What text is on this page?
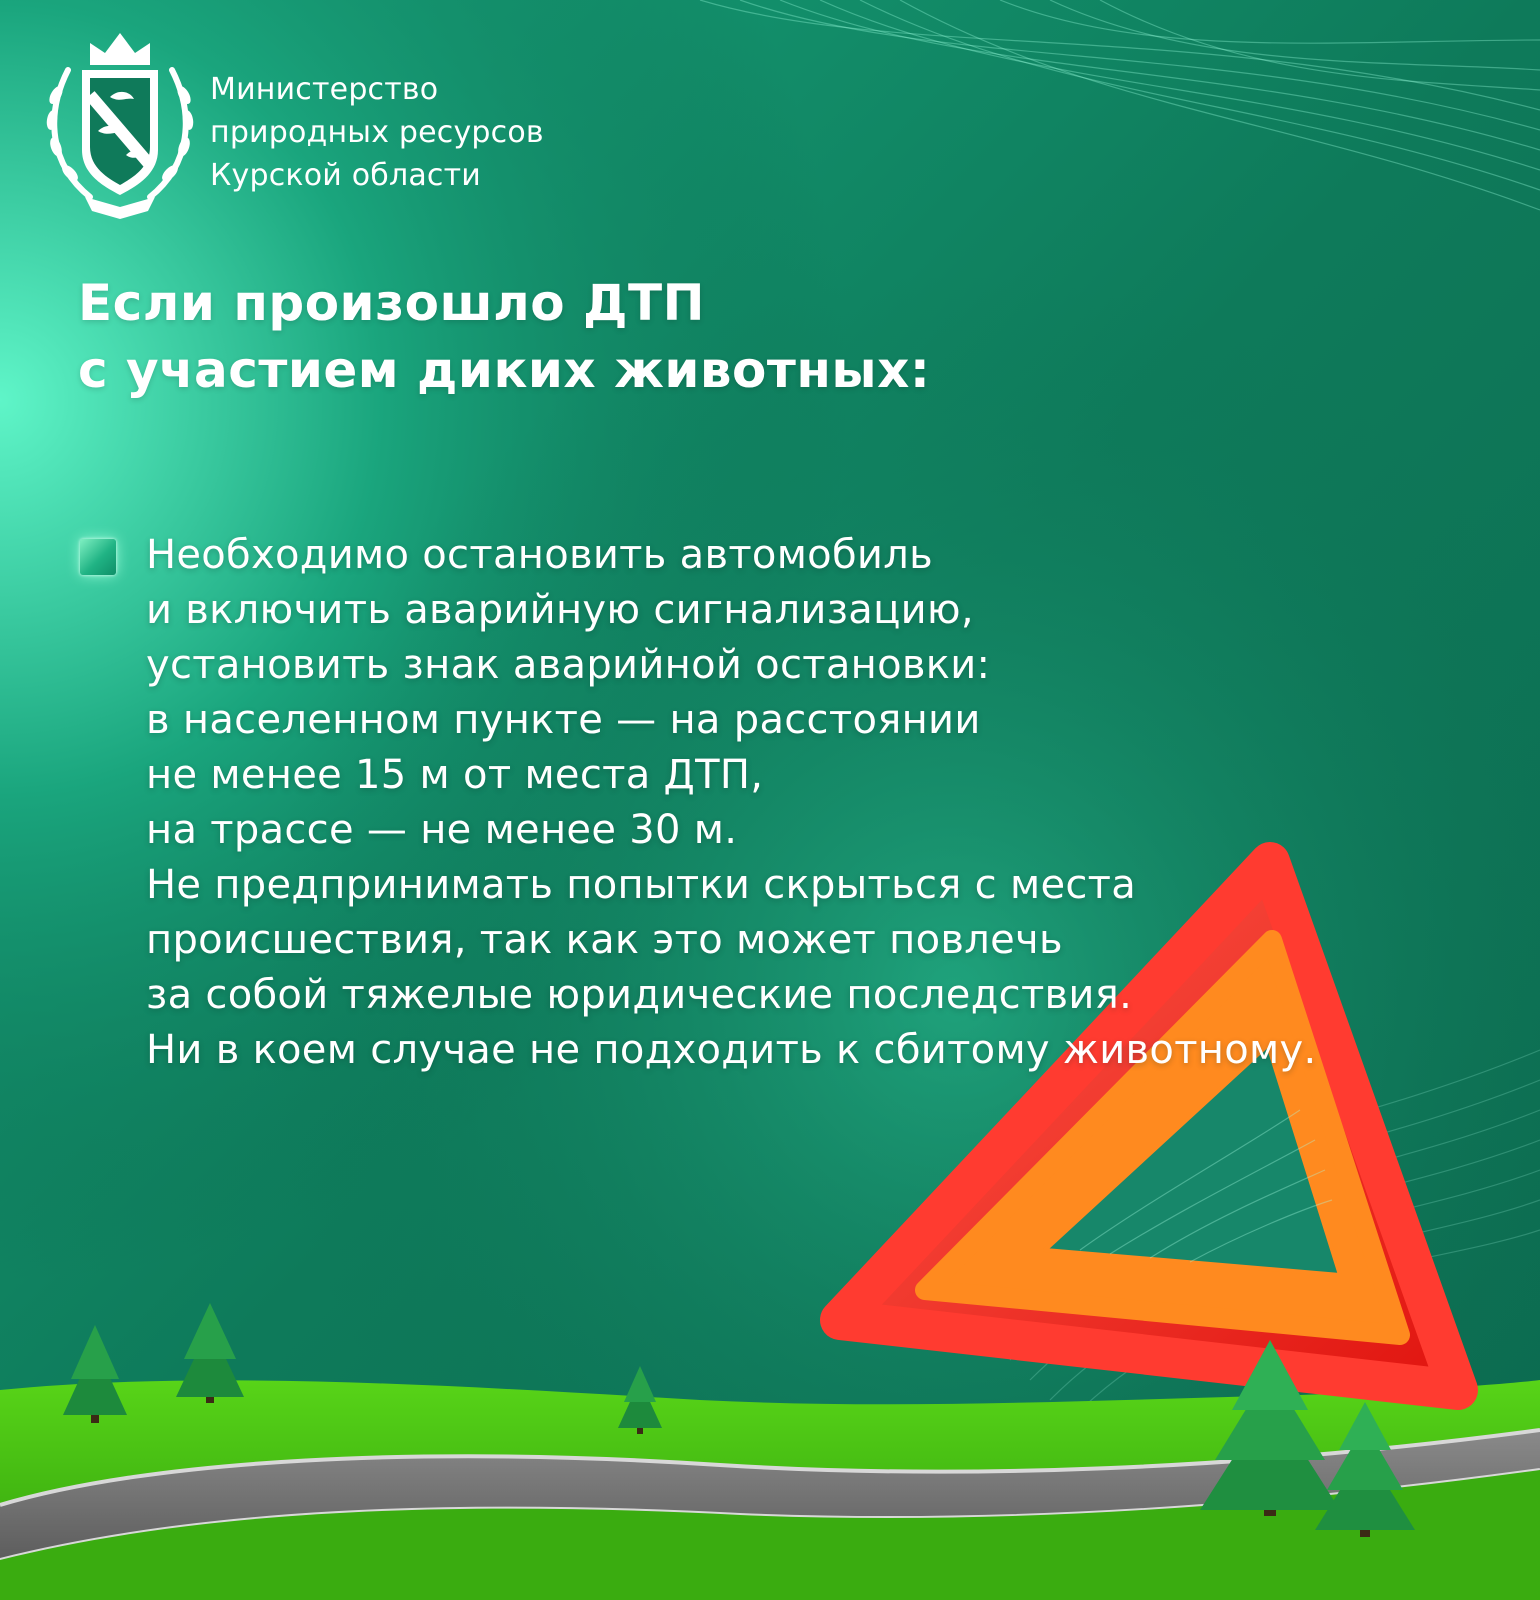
Министерство
природных ресурсов
Курской области
Если произошло ДТП
с участием диких животных:
Необходимо остановить автомобиль
и включить аварийную сигнализацию,
установить знак аварийной остановки:
в населенном пункте — на расстоянии
не менее 15 м от места ДТП,
на трассе — не менее 30 м.
Не предпринимать попытки скрыться с места
происшествия, так как это может повлечь
за собой тяжелые юридические последствия.
Ни в коем случае не подходить к сбитому животному.
